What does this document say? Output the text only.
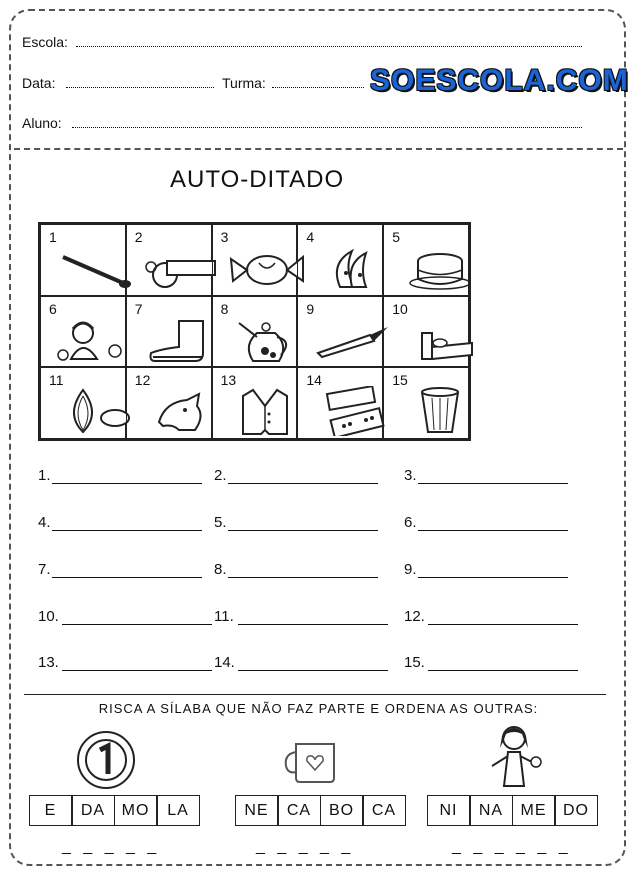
Escola:
Data:	Turma:	SOESCOLA.COM
Aluno:
AUTO-DITADO
1	2	3	4	5
6	7	8	9	10
11	12	13	14	15
1.	2.	3.
4.	5.	6.
7.	8.	9.
10.	11.	12.
13.	14.	15.
RISCA A SÍLABA QUE NÃO FAZ PARTE E ORDENA AS OUTRAS:
E	DA	MO	LA
_ _ _ _ _
NE	CA	BO	CA
_ _ _ _ _
NI	NA	ME	DO
_ _ _ _ _ _
